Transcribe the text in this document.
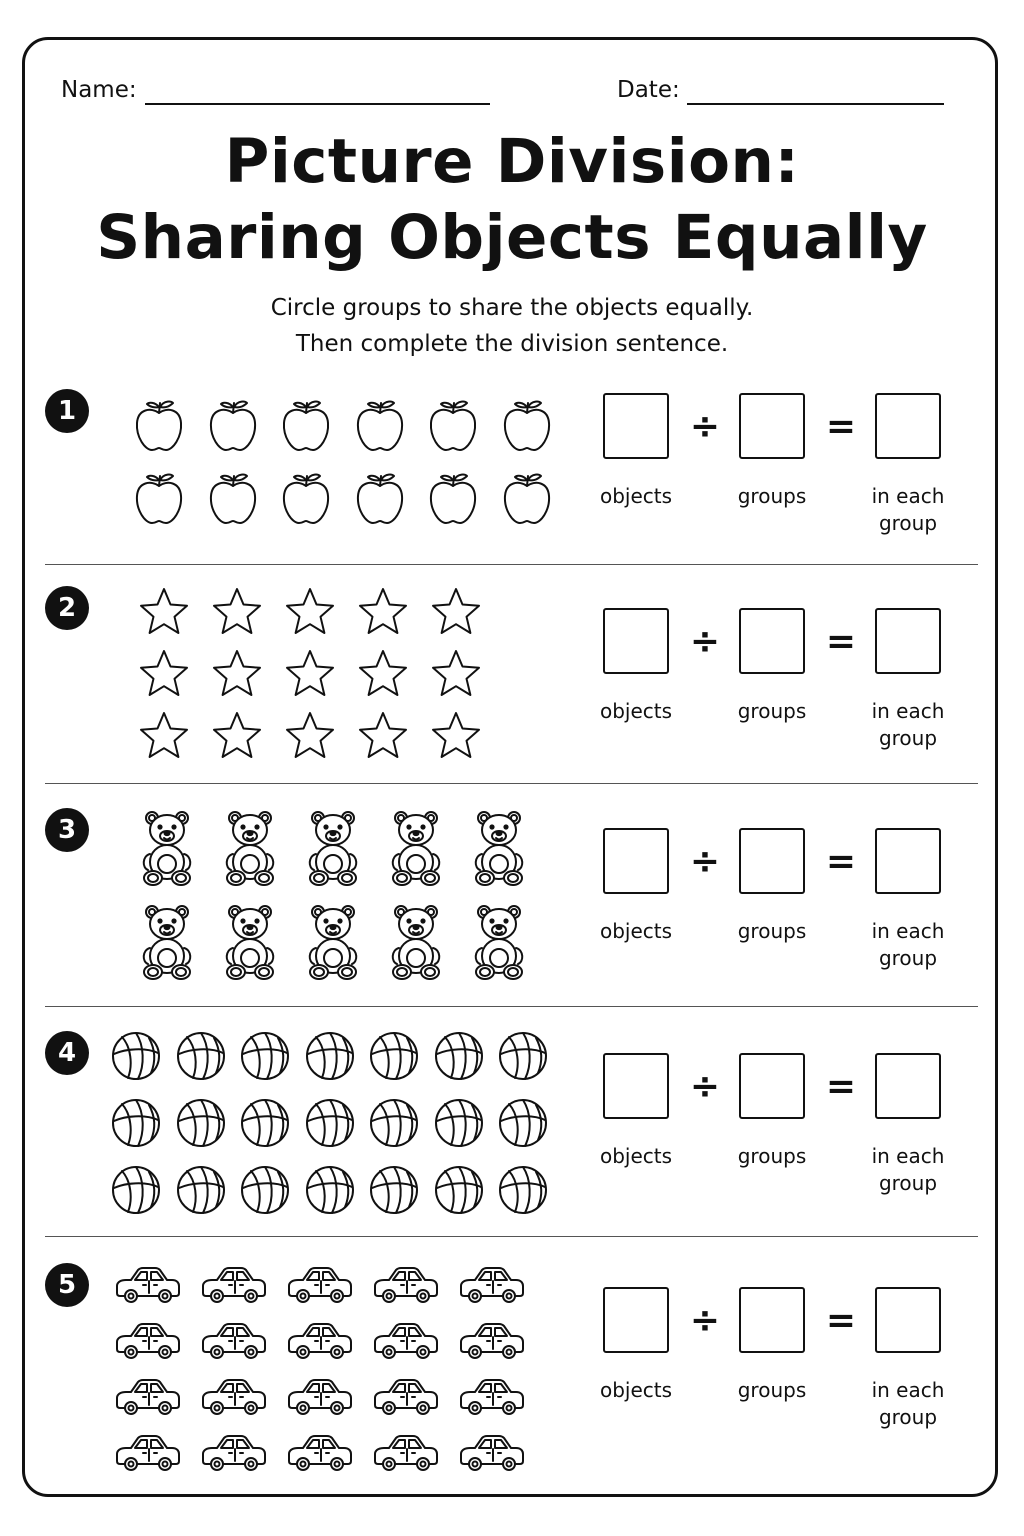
Name:	Date:
Picture Division:
Sharing Objects Equally
Circle groups to share the objects equally.
Then complete the division sentence.
1	÷	=
objects	groups	in each
group
2
÷	=
objects	groups	in each
group
3
÷	=
objects	groups	in each
group
4
÷	=
objects	groups	in each
group
5
÷	=
objects	groups	in each
group
